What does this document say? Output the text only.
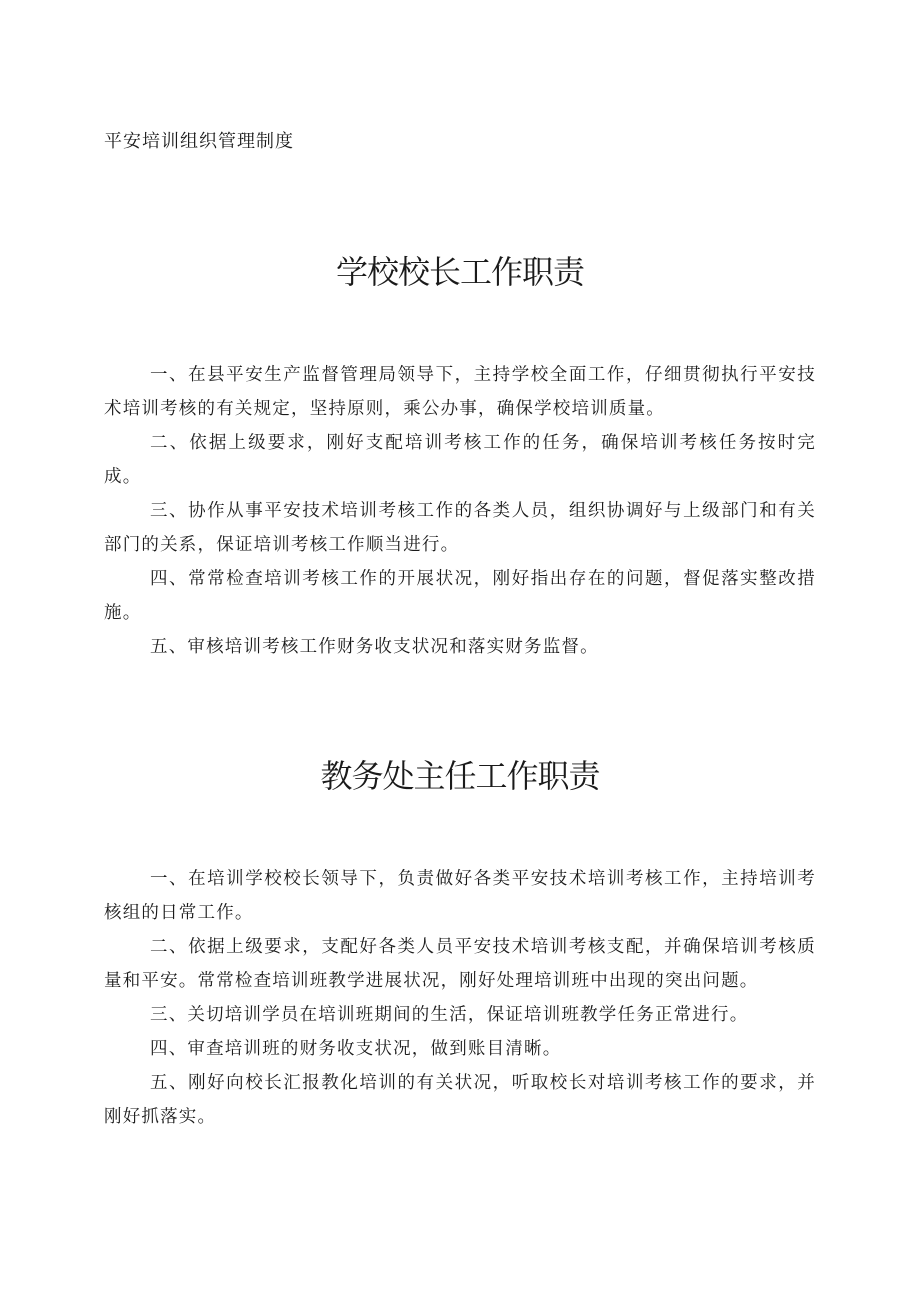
平安培训组织管理制度
学校校长工作职责

一、在县平安生产监督管理局领导下，主持学校全面工作，仔细贯彻执行平安技术培训考核的有关规定，坚持原则，乘公办事，确保学校培训质量。

二、依据上级要求，刚好支配培训考核工作的任务，确保培训考核任务按时完成。

三、协作从事平安技术培训考核工作的各类人员，组织协调好与上级部门和有关部门的关系，保证培训考核工作顺当进行。

四、常常检查培训考核工作的开展状况，刚好指出存在的问题，督促落实整改措施。

五、审核培训考核工作财务收支状况和落实财务监督。

教务处主任工作职责

一、在培训学校校长领导下，负责做好各类平安技术培训考核工作，主持培训考核组的日常工作。

二、依据上级要求，支配好各类人员平安技术培训考核支配，并确保培训考核质量和平安。常常检查培训班教学进展状况，刚好处理培训班中出现的突出问题。

三、关切培训学员在培训班期间的生活，保证培训班教学任务正常进行。

四、审查培训班的财务收支状况，做到账目清晰。

五、刚好向校长汇报教化培训的有关状况，听取校长对培训考核工作的要求，并刚好抓落实。
